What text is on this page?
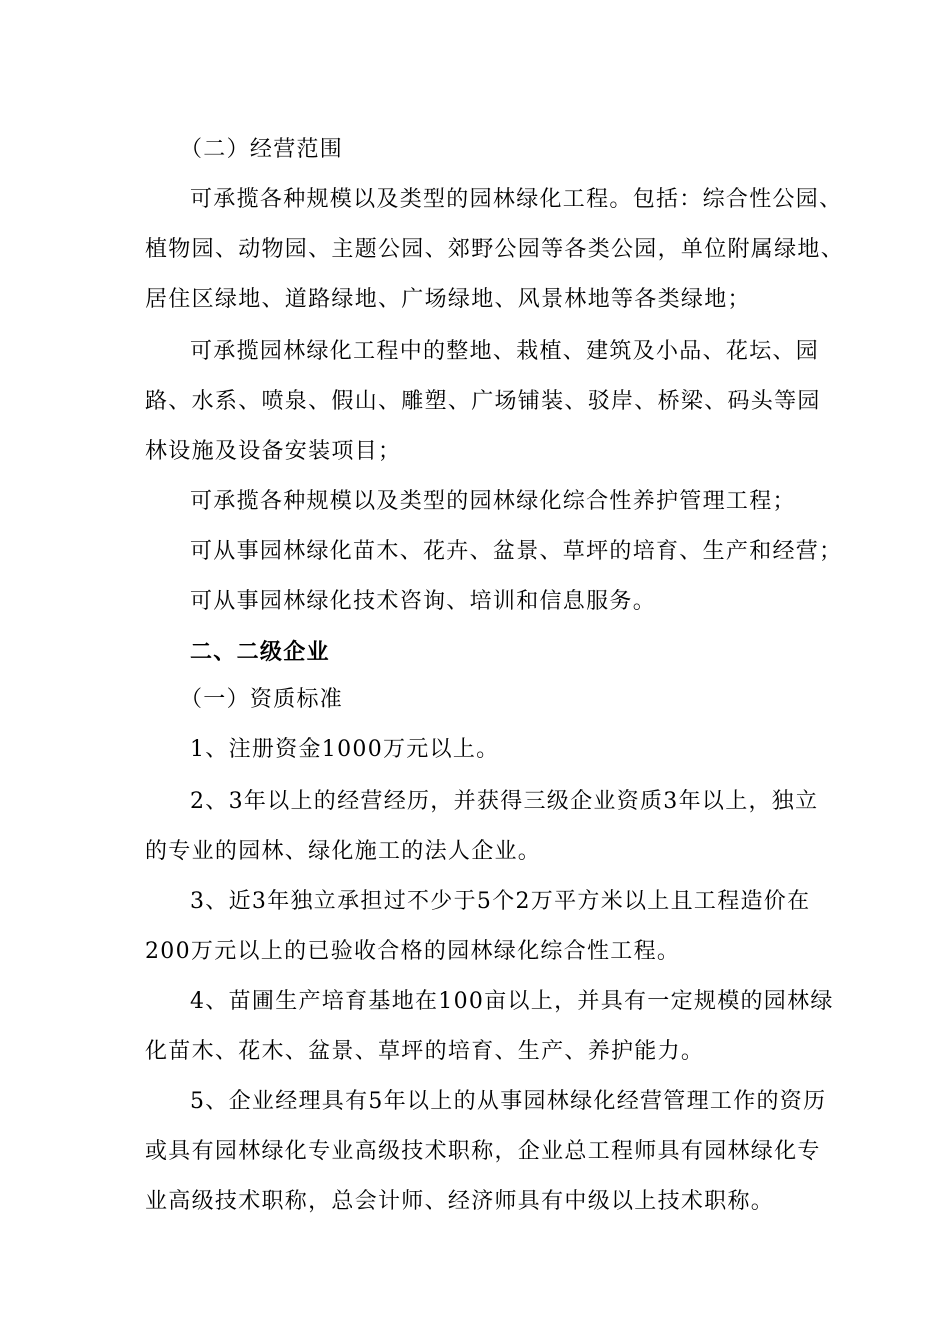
（二）经营范围
可承揽各种规模以及类型的园林绿化工程。包括：综合性公园、
植物园、动物园、主题公园、郊野公园等各类公园，单位附属绿地、
居住区绿地、道路绿地、广场绿地、风景林地等各类绿地；
可承揽园林绿化工程中的整地、栽植、建筑及小品、花坛、园
路、水系、喷泉、假山、雕塑、广场铺装、驳岸、桥梁、码头等园
林设施及设备安装项目；
可承揽各种规模以及类型的园林绿化综合性养护管理工程；
可从事园林绿化苗木、花卉、盆景、草坪的培育、生产和经营；
可从事园林绿化技术咨询、培训和信息服务。
二、二级企业
（一）资质标准
1、注册资金1000万元以上。
2、3年以上的经营经历，并获得三级企业资质3年以上，独立
的专业的园林、绿化施工的法人企业。
3、近3年独立承担过不少于5个2万平方米以上且工程造价在
200万元以上的已验收合格的园林绿化综合性工程。
4、苗圃生产培育基地在100亩以上，并具有一定规模的园林绿
化苗木、花木、盆景、草坪的培育、生产、养护能力。
5、企业经理具有5年以上的从事园林绿化经营管理工作的资历
或具有园林绿化专业高级技术职称，企业总工程师具有园林绿化专
业高级技术职称，总会计师、经济师具有中级以上技术职称。
